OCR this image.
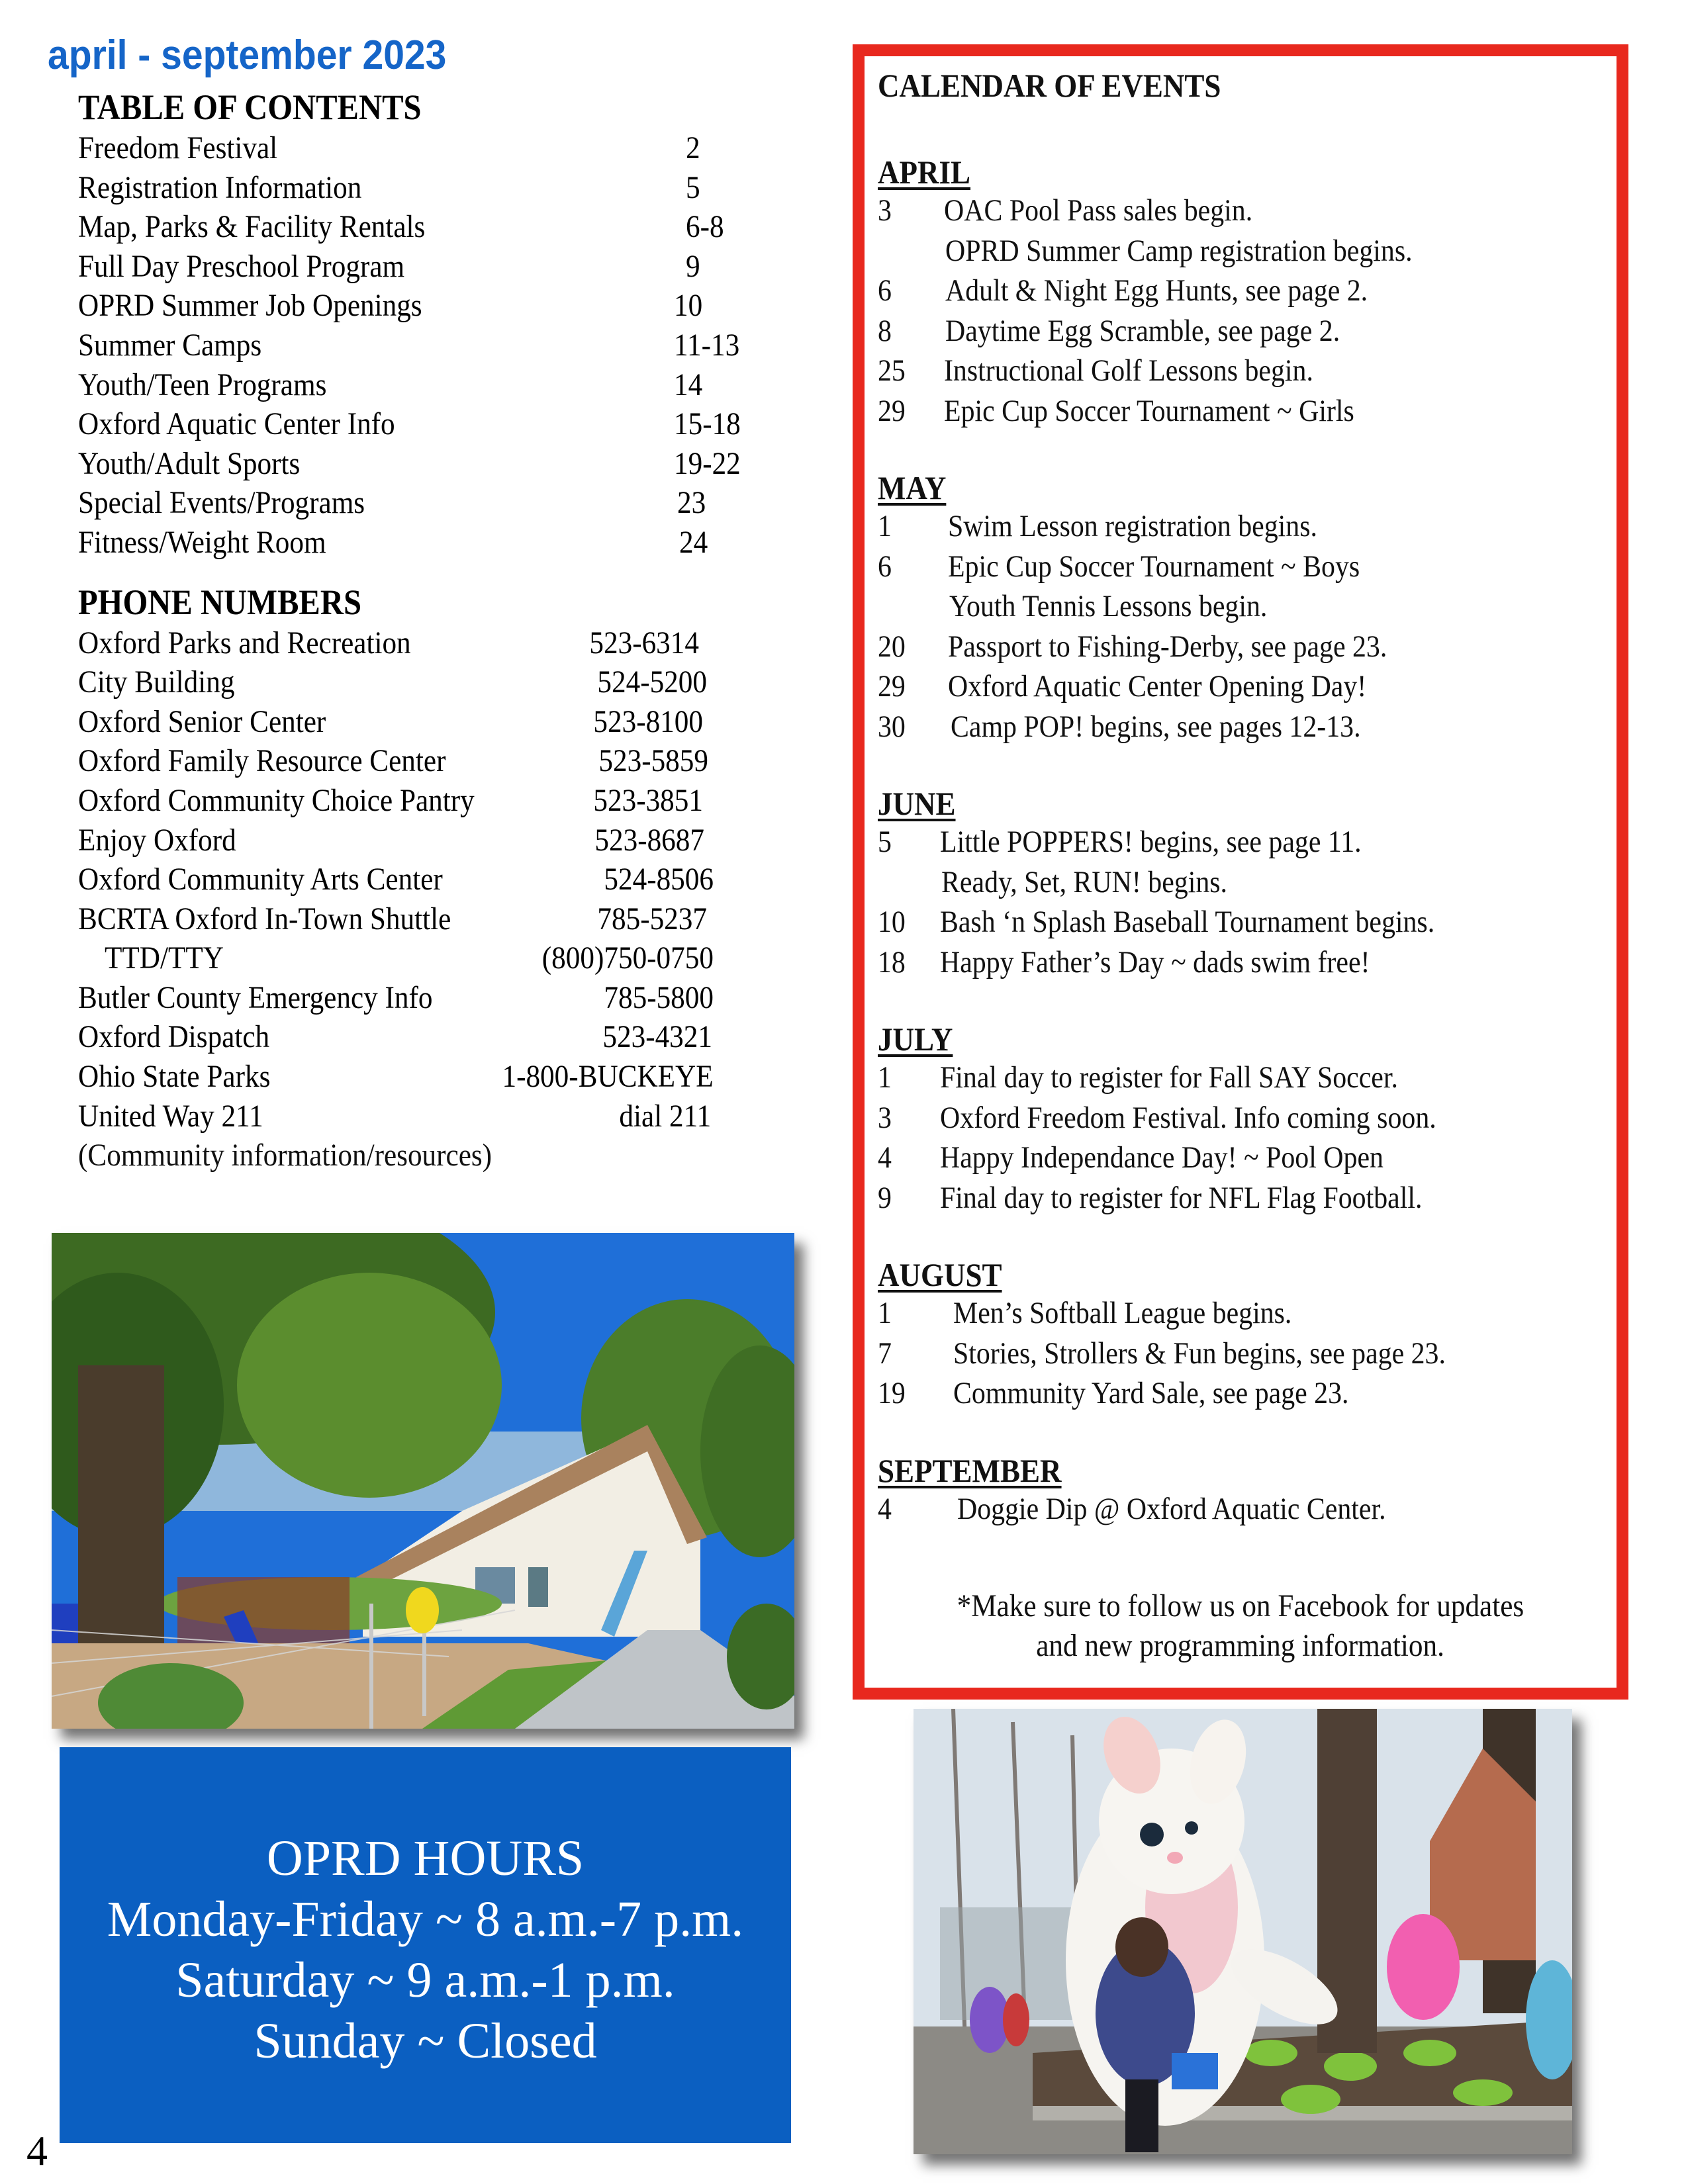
april - september 2023
TABLE OF CONTENTS
Freedom Festival	2
Registration Information	5
Map, Parks & Facility Rentals	6-8
Full Day Preschool Program	9
OPRD Summer Job Openings	10
Summer Camps	11-13
Youth/Teen Programs	14
Oxford Aquatic Center Info	15-18
Youth/Adult Sports	19-22
Special Events/Programs	23
Fitness/Weight Room	24
PHONE NUMBERS
Oxford Parks and Recreation	523-6314
City Building	524-5200
Oxford Senior Center	523-8100
Oxford Family Resource Center	523-5859
Oxford Community Choice Pantry	523-3851
Enjoy Oxford	523-8687
Oxford Community Arts Center	524-8506
BCRTA Oxford In-Town Shuttle	785-5237
TTD/TTY	(800)750-0750
Butler County Emergency Info	785-5800
Oxford Dispatch	523-4321
Ohio State Parks	1-800-BUCKEYE
United Way 211	dial 211
(Community information/resources)
OPRD HOURS
Monday-Friday ~ 8 a.m.-7 p.m.
Saturday ~ 9 a.m.-1 p.m.
Sunday ~ Closed
4
CALENDAR OF EVENTS
APRIL
3 OAC Pool Pass sales begin.
OPRD Summer Camp registration begins.
6 Adult & Night Egg Hunts, see page 2.
8 Daytime Egg Scramble, see page 2.
25 Instructional Golf Lessons begin.
29 Epic Cup Soccer Tournament ~ Girls
MAY
1 Swim Lesson registration begins.
6 Epic Cup Soccer Tournament ~ Boys
Youth Tennis Lessons begin.
20 Passport to Fishing-Derby, see page 23.
29 Oxford Aquatic Center Opening Day!
30 Camp POP! begins, see pages 12-13.
JUNE
5 Little POPPERS! begins, see page 11.
Ready, Set, RUN! begins.
10 Bash ‘n Splash Baseball Tournament begins.
18 Happy Father’s Day ~ dads swim free!
JULY
1 Final day to register for Fall SAY Soccer.
3 Oxford Freedom Festival. Info coming soon.
4 Happy Independance Day! ~ Pool Open
9 Final day to register for NFL Flag Football.
AUGUST
1 Men’s Softball League begins.
7 Stories, Strollers & Fun begins, see page 23.
19 Community Yard Sale, see page 23.
SEPTEMBER
4 Doggie Dip @ Oxford Aquatic Center.
*Make sure to follow us on Facebook for updates
and new programming information.
